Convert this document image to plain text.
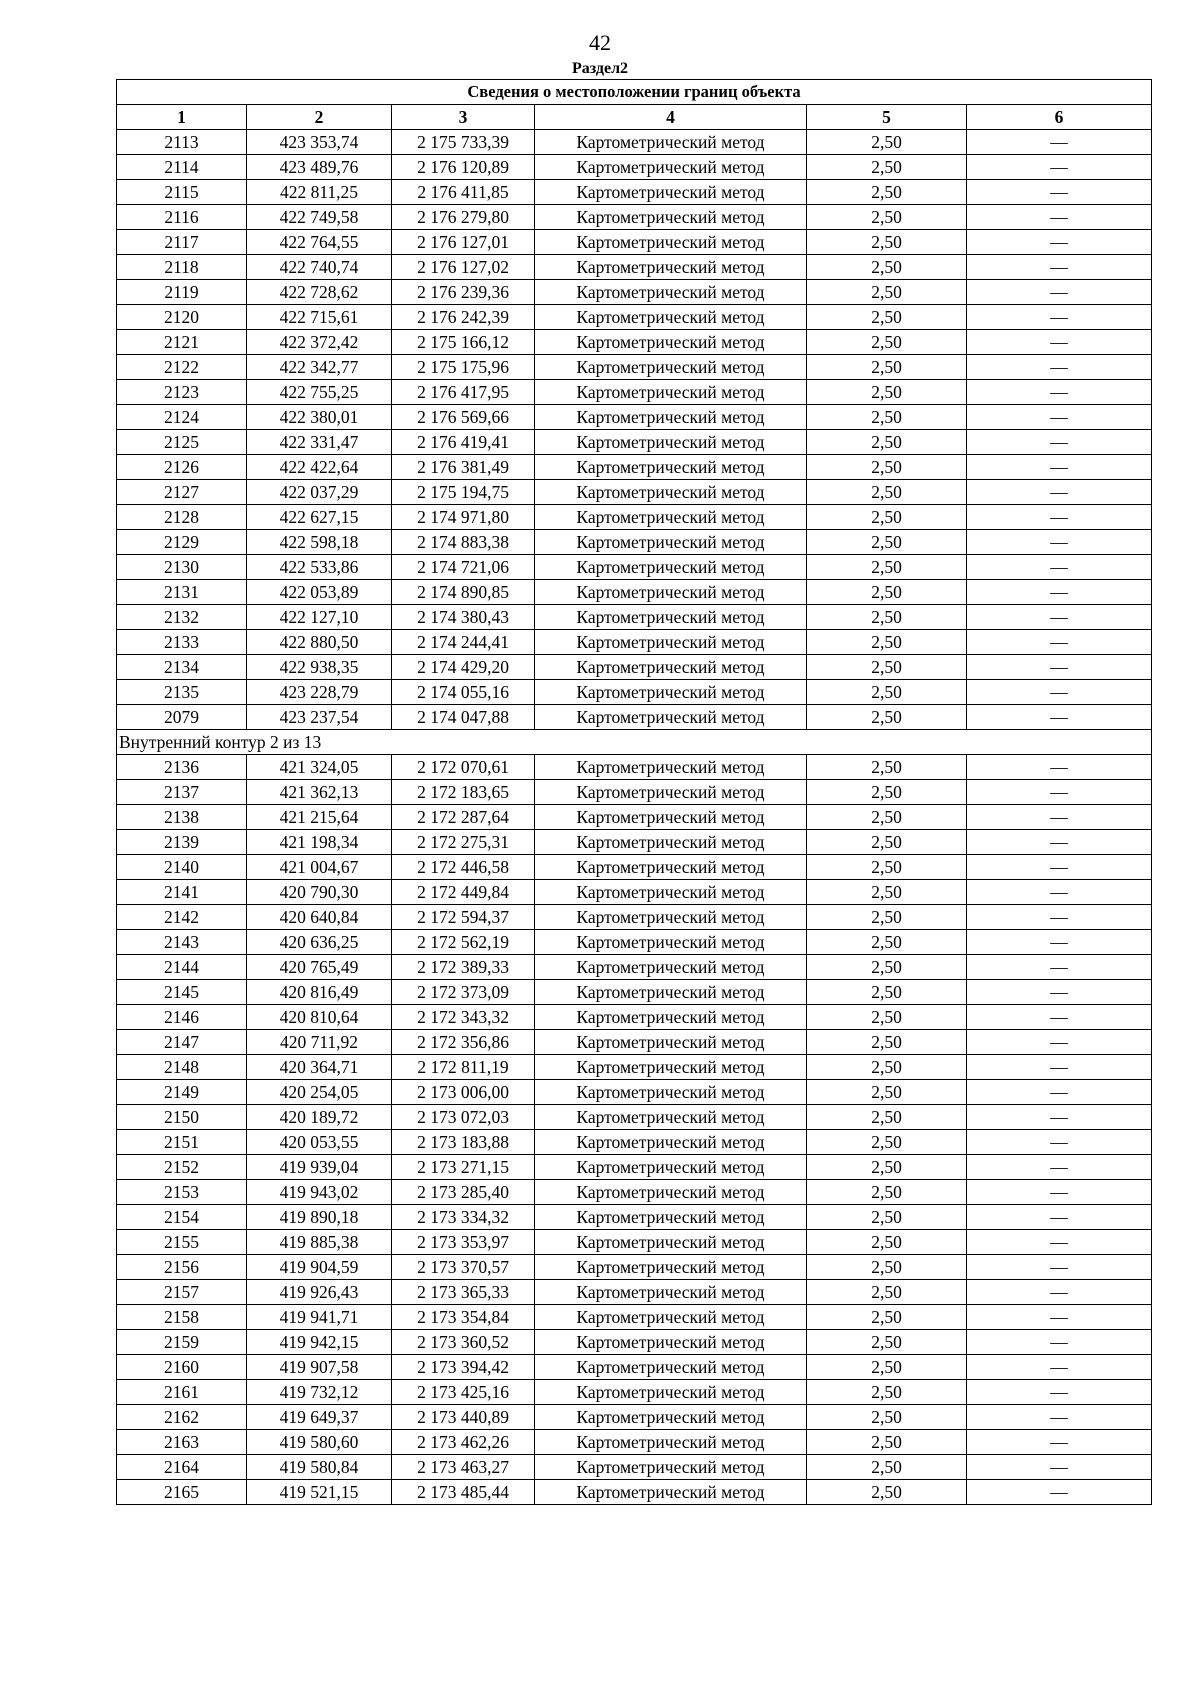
42
Раздел2
Сведения о местоположении границ объекта					
1	2	3	4	5	6
2113	423 353,74	2 175 733,39	Картометрический метод	2,50	—
2114	423 489,76	2 176 120,89	Картометрический метод	2,50	—
2115	422 811,25	2 176 411,85	Картометрический метод	2,50	—
2116	422 749,58	2 176 279,80	Картометрический метод	2,50	—
2117	422 764,55	2 176 127,01	Картометрический метод	2,50	—
2118	422 740,74	2 176 127,02	Картометрический метод	2,50	—
2119	422 728,62	2 176 239,36	Картометрический метод	2,50	—
2120	422 715,61	2 176 242,39	Картометрический метод	2,50	—
2121	422 372,42	2 175 166,12	Картометрический метод	2,50	—
2122	422 342,77	2 175 175,96	Картометрический метод	2,50	—
2123	422 755,25	2 176 417,95	Картометрический метод	2,50	—
2124	422 380,01	2 176 569,66	Картометрический метод	2,50	—
2125	422 331,47	2 176 419,41	Картометрический метод	2,50	—
2126	422 422,64	2 176 381,49	Картометрический метод	2,50	—
2127	422 037,29	2 175 194,75	Картометрический метод	2,50	—
2128	422 627,15	2 174 971,80	Картометрический метод	2,50	—
2129	422 598,18	2 174 883,38	Картометрический метод	2,50	—
2130	422 533,86	2 174 721,06	Картометрический метод	2,50	—
2131	422 053,89	2 174 890,85	Картометрический метод	2,50	—
2132	422 127,10	2 174 380,43	Картометрический метод	2,50	—
2133	422 880,50	2 174 244,41	Картометрический метод	2,50	—
2134	422 938,35	2 174 429,20	Картометрический метод	2,50	—
2135	423 228,79	2 174 055,16	Картометрический метод	2,50	—
2079	423 237,54	2 174 047,88	Картометрический метод	2,50	—
Внутренний контур 2 из 13					
2136	421 324,05	2 172 070,61	Картометрический метод	2,50	—
2137	421 362,13	2 172 183,65	Картометрический метод	2,50	—
2138	421 215,64	2 172 287,64	Картометрический метод	2,50	—
2139	421 198,34	2 172 275,31	Картометрический метод	2,50	—
2140	421 004,67	2 172 446,58	Картометрический метод	2,50	—
2141	420 790,30	2 172 449,84	Картометрический метод	2,50	—
2142	420 640,84	2 172 594,37	Картометрический метод	2,50	—
2143	420 636,25	2 172 562,19	Картометрический метод	2,50	—
2144	420 765,49	2 172 389,33	Картометрический метод	2,50	—
2145	420 816,49	2 172 373,09	Картометрический метод	2,50	—
2146	420 810,64	2 172 343,32	Картометрический метод	2,50	—
2147	420 711,92	2 172 356,86	Картометрический метод	2,50	—
2148	420 364,71	2 172 811,19	Картометрический метод	2,50	—
2149	420 254,05	2 173 006,00	Картометрический метод	2,50	—
2150	420 189,72	2 173 072,03	Картометрический метод	2,50	—
2151	420 053,55	2 173 183,88	Картометрический метод	2,50	—
2152	419 939,04	2 173 271,15	Картометрический метод	2,50	—
2153	419 943,02	2 173 285,40	Картометрический метод	2,50	—
2154	419 890,18	2 173 334,32	Картометрический метод	2,50	—
2155	419 885,38	2 173 353,97	Картометрический метод	2,50	—
2156	419 904,59	2 173 370,57	Картометрический метод	2,50	—
2157	419 926,43	2 173 365,33	Картометрический метод	2,50	—
2158	419 941,71	2 173 354,84	Картометрический метод	2,50	—
2159	419 942,15	2 173 360,52	Картометрический метод	2,50	—
2160	419 907,58	2 173 394,42	Картометрический метод	2,50	—
2161	419 732,12	2 173 425,16	Картометрический метод	2,50	—
2162	419 649,37	2 173 440,89	Картометрический метод	2,50	—
2163	419 580,60	2 173 462,26	Картометрический метод	2,50	—
2164	419 580,84	2 173 463,27	Картометрический метод	2,50	—
2165	419 521,15	2 173 485,44	Картометрический метод	2,50	—
